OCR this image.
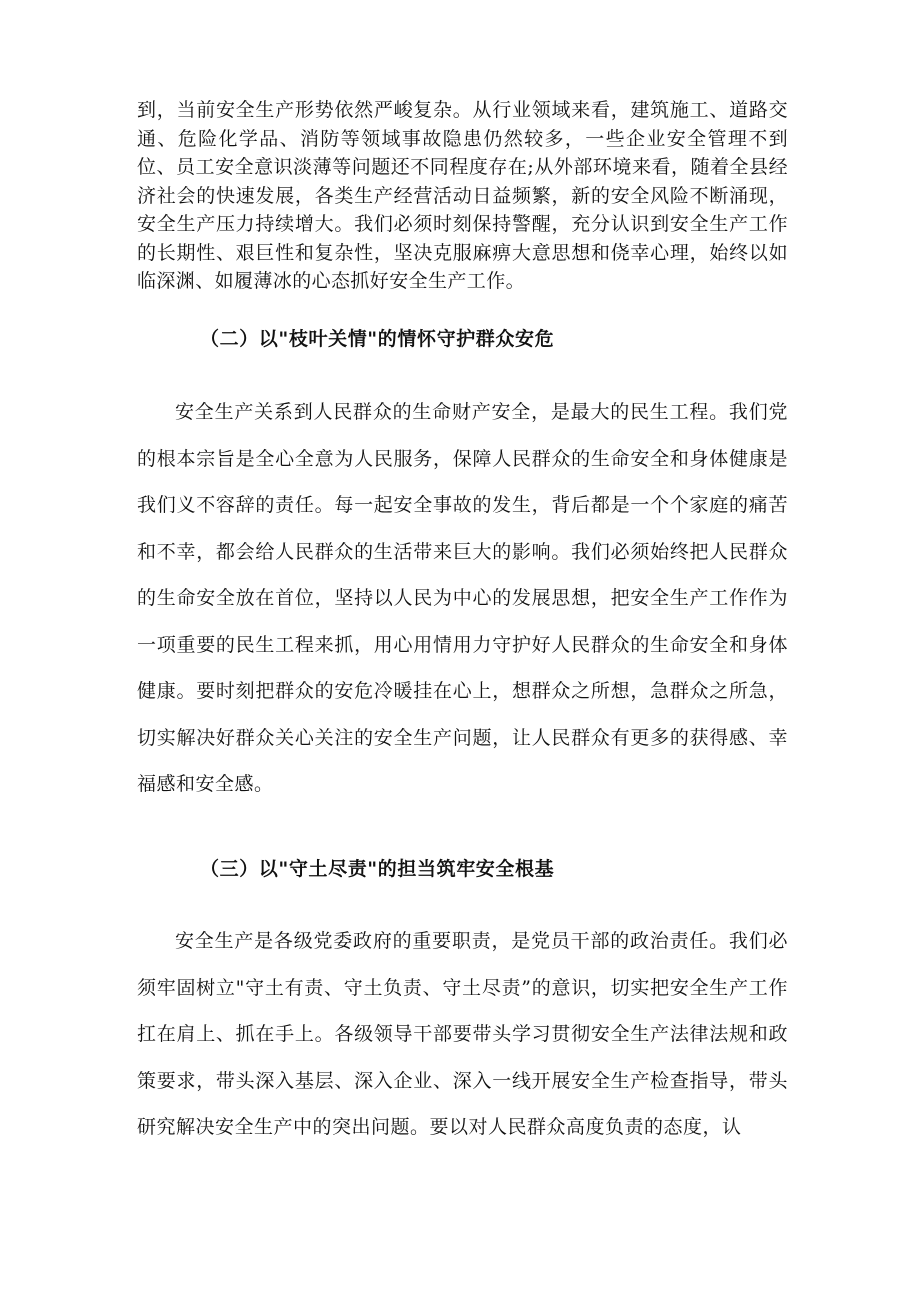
到，当前安全生产形势依然严峻复杂。从行业领域来看，建筑施工、道路交通、危险化学品、消防等领域事故隐患仍然较多，一些企业安全管理不到位、员工安全意识淡薄等问题还不同程度存在;从外部环境来看，随着全县经济社会的快速发展，各类生产经营活动日益频繁，新的安全风险不断涌现，安全生产压力持续增大。我们必须时刻保持警醒，充分认识到安全生产工作的长期性、艰巨性和复杂性，坚决克服麻痹大意思想和侥幸心理，始终以如临深渊、如履薄冰的心态抓好安全生产工作。

（二）以"枝叶关情"的情怀守护群众安危

安全生产关系到人民群众的生命财产安全，是最大的民生工程。我们党的根本宗旨是全心全意为人民服务，保障人民群众的生命安全和身体健康是我们义不容辞的责任。每一起安全事故的发生，背后都是一个个家庭的痛苦和不幸，都会给人民群众的生活带来巨大的影响。我们必须始终把人民群众的生命安全放在首位，坚持以人民为中心的发展思想，把安全生产工作作为一项重要的民生工程来抓，用心用情用力守护好人民群众的生命安全和身体健康。要时刻把群众的安危冷暖挂在心上，想群众之所想，急群众之所急，切实解决好群众关心关注的安全生产问题，让人民群众有更多的获得感、幸福感和安全感。

（三）以"守土尽责"的担当筑牢安全根基

安全生产是各级党委政府的重要职责，是党员干部的政治责任。我们必须牢固树立"守土有责、守土负责、守土尽责”的意识，切实把安全生产工作扛在肩上、抓在手上。各级领导干部要带头学习贯彻安全生产法律法规和政策要求，带头深入基层、深入企业、深入一线开展安全生产检查指导，带头研究解决安全生产中的突出问题。要以对人民群众高度负责的态度，认
